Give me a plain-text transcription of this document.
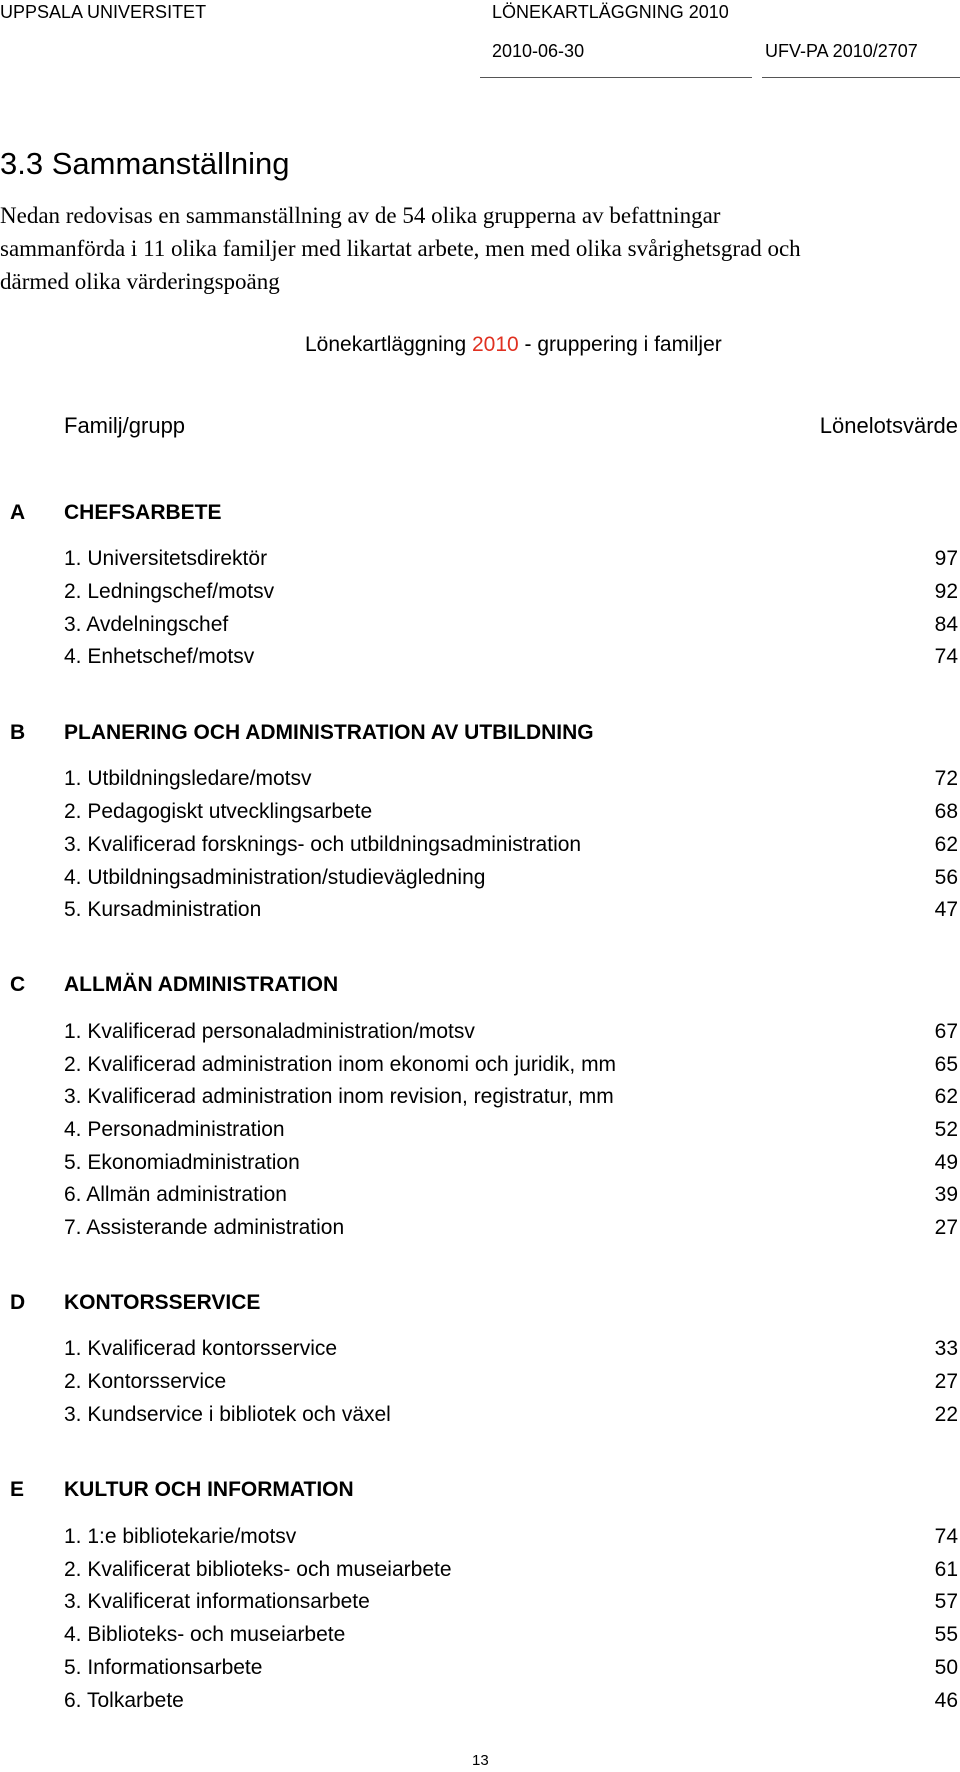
UPPSALA UNIVERSITET	LÖNEKARTLÄGGNING 2010
2010-06-30	UFV-PA 2010/2707
3.3 Sammanställning
Nedan redovisas en sammanställning av de 54 olika grupperna av befattningar
sammanförda i 11 olika familjer med likartat arbete, men med olika svårighetsgrad och
därmed olika värderingspoäng
Lönekartläggning 2010 - gruppering i familjer
Familj/grupp	Lönelotsvärde
A CHEFSARBETE
1. Universitetsdirektör	97
2. Ledningschef/motsv	92
3. Avdelningschef	84
4. Enhetschef/motsv	74
B PLANERING OCH ADMINISTRATION AV UTBILDNING
1. Utbildningsledare/motsv	72
2. Pedagogiskt utvecklingsarbete	68
3. Kvalificerad forsknings- och utbildningsadministration	62
4. Utbildningsadministration/studievägledning	56
5. Kursadministration	47
C ALLMÄN ADMINISTRATION
1. Kvalificerad personaladministration/motsv	67
2. Kvalificerad administration inom ekonomi och juridik, mm	65
3. Kvalificerad administration inom revision, registratur, mm	62
4. Personadministration	52
5. Ekonomiadministration	49
6. Allmän administration	39
7. Assisterande administration	27
D KONTORSSERVICE
1. Kvalificerad kontorsservice	33
2. Kontorsservice	27
3. Kundservice i bibliotek och växel	22
E KULTUR OCH INFORMATION
1. 1:e bibliotekarie/motsv	74
2. Kvalificerat biblioteks- och museiarbete	61
3. Kvalificerat informationsarbete	57
4. Biblioteks- och museiarbete	55
5. Informationsarbete	50
6. Tolkarbete	46
13
